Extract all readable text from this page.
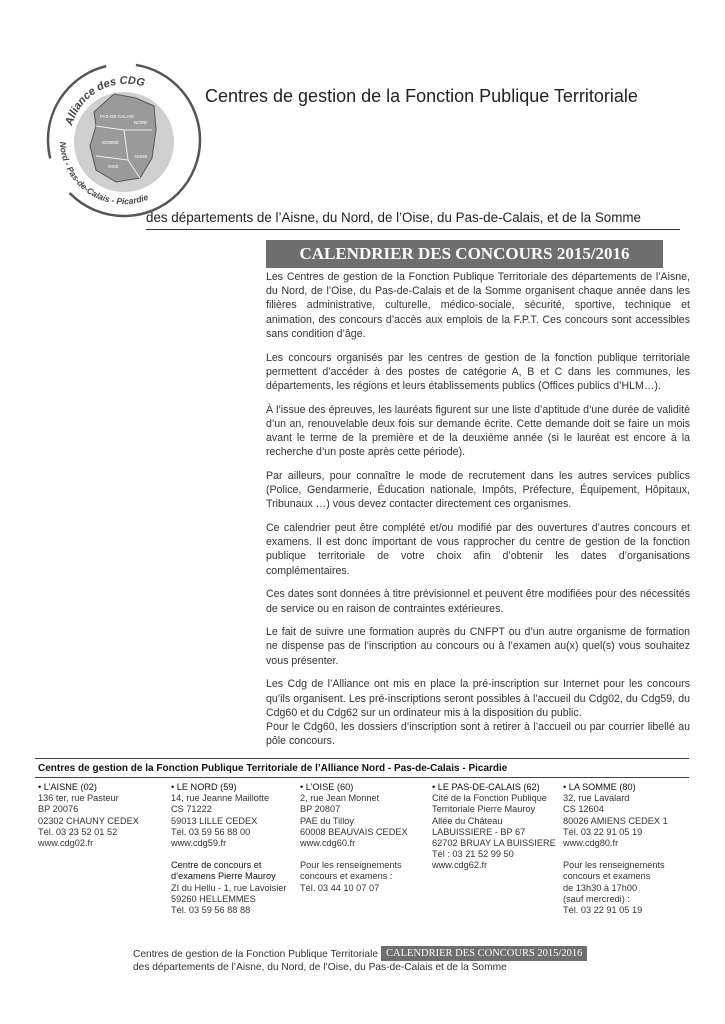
Alliance des CDG
Nord - Pas-de-Calais - Picardie
PAS-DE-CALAIS
NORD
SOMME
AISNE
OISE
Centres de gestion de la Fonction Publique Territoriale
des départements de l’Aisne, du Nord, de l’Oise, du Pas-de-Calais, et de la Somme
CALENDRIER DES CONCOURS 2015/2016

Les Centres de gestion de la Fonction Publique Territoriale des départements de l’Aisne, du Nord, de l’Oise, du Pas-de-Calais et de la Somme organisent chaque année dans les filières administrative, culturelle, médico-sociale, sécurité, sportive, technique et animation, des concours d’accès aux emplois de la F.P.T. Ces concours sont accessibles sans condition d’âge.

Les concours organisés par les centres de gestion de la fonction publique territoriale permettent d’accéder à des postes de catégorie A, B et C dans les communes, les départements, les régions et leurs établissements publics (Offices publics d’HLM…).

À l’issue des épreuves, les lauréats figurent sur une liste d’aptitude d’une durée de validité d’un an, renouvelable deux fois sur demande écrite. Cette demande doit se faire un mois avant le terme de la première et de la deuxième année (si le lauréat est encore à la recherche d’un poste après cette période).

Par ailleurs, pour connaître le mode de recrutement dans les autres services publics (Police, Gendarmerie, Éducation nationale, Impôts, Préfecture, Équipement, Hôpitaux, Tribunaux …) vous devez contacter directement ces organismes.

Ce calendrier peut être complété et/ou modifié par des ouvertures d’autres concours et examens. Il est donc important de vous rapprocher du centre de gestion de la fonction publique territoriale de votre choix afin d’obtenir les dates d’organisations complémentaires.

Ces dates sont données à titre prévisionnel et peuvent être modifiées pour des nécessités de service ou en raison de contraintes extérieures.

Le fait de suivre une formation auprès du CNFPT ou d’un autre organisme de formation ne dispense pas de l’inscription au concours ou à l’examen au(x) quel(s) vous souhaitez vous présenter.

Les Cdg de l’Alliance ont mis en place la pré-inscription sur Internet pour les concours qu’ils organisent. Les pré-inscriptions seront possibles à l’accueil du Cdg02, du Cdg59, du Cdg60 et du Cdg62 sur un ordinateur mis à la disposition du public.

Pour le Cdg60, les dossiers d’inscription sont à retirer à l’accueil ou par courrier libellé au pôle concours.

Centres de gestion de la Fonction Publique Territoriale de l’Alliance Nord - Pas-de-Calais - Picardie
• L’AISNE (02)
136 ter, rue Pasteur
BP 20076
02302 CHAUNY CEDEX
Tél. 03 23 52 01 52
www.cdg02.fr
• LE NORD (59)
14, rue Jeanne Maillotte
CS 71222
59013 LILLE CEDEX
Tél. 03 59 56 88 00
www.cdg59.fr
Centre de concours et
d’examens Pierre Mauroy
ZI du Hellu - 1, rue Lavoisier
59260 HELLEMMES
Tél. 03 59 56 88 88
• L’OISE (60)
2, rue Jean Monnet
BP 20807
PAE du Tilloy
60008 BEAUVAIS CEDEX
www.cdg60.fr
Pour les renseignements
concours et examens :
Tél. 03 44 10 07 07
• LE PAS-DE-CALAIS (62)
Cité de la Fonction Publique
Territoriale Pierre Mauroy
Allée du Château
LABUISSIERE - BP 67
62702 BRUAY LA BUISSIERE
Tél : 03 21 52 99 50
www.cdg62.fr
• LA SOMME (80)
32, rue Lavalard
CS 12604
80026 AMIENS CEDEX 1
Tél. 03 22 91 05 19
www.cdg80.fr
Pour les renseignements
concours et examens
de 13h30 à 17h00
(sauf mercredi) :
Tél. 03 22 91 05 19
Centres de gestion de la Fonction Publique Territoriale CALENDRIER DES CONCOURS 2015/2016
des départements de l’Aisne, du Nord, de l’Oise, du Pas-de-Calais et de la Somme
